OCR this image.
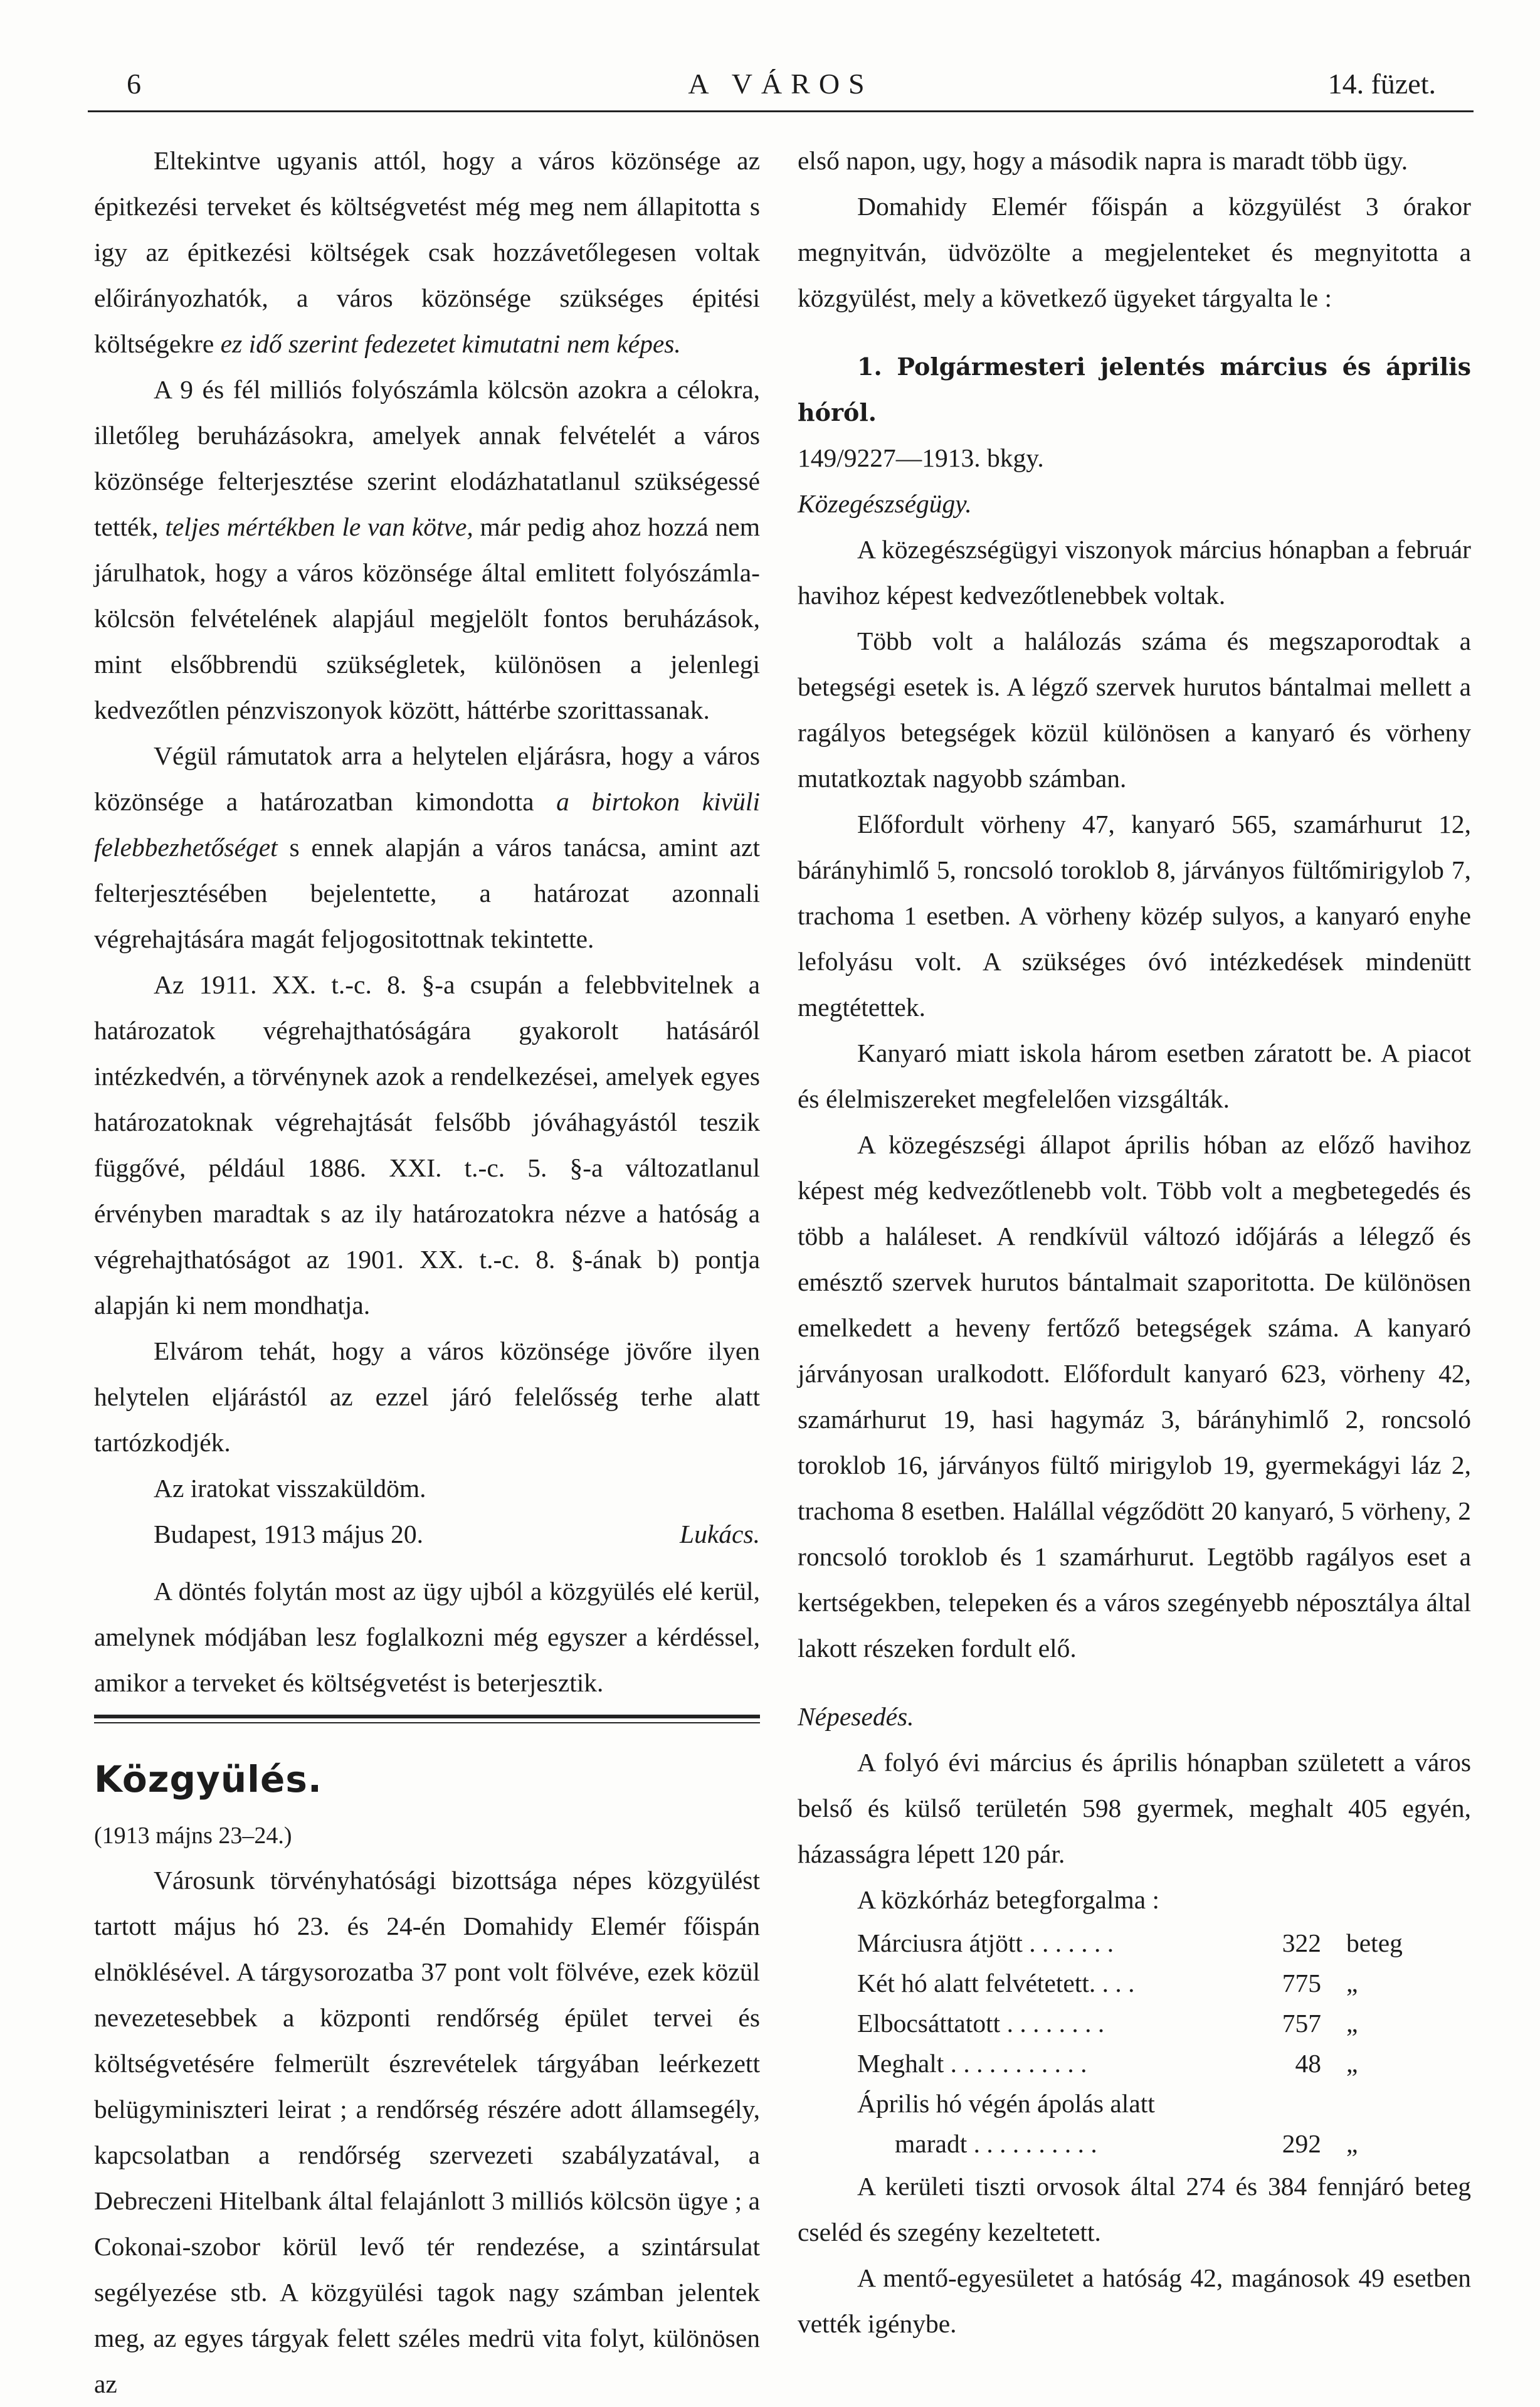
6	A VÁROS	14. füzet.

Eltekintve ugyanis attól, hogy a város közönsége az épitkezési terveket és költségvetést még meg nem állapitotta s igy az épitkezési költségek csak hozzávetőlegesen voltak előirányozhatók, a város közönsége szükséges épitési költségekre ez idő szerint fedezetet kimutatni nem képes.

A 9 és fél milliós folyószámla kölcsön azokra a célokra, illetőleg beruházásokra, amelyek annak felvételét a város közönsége felterjesztése szerint elodázhatatlanul szükségessé tették, teljes mértékben le van kötve, már pedig ahoz hozzá nem járulhatok, hogy a város közönsége által emlitett folyószámla-kölcsön felvételének alapjául megjelölt fontos beruházások, mint elsőbbrendü szükségletek, különösen a jelenlegi kedvezőtlen pénzviszonyok között, háttérbe szorittassanak.

Végül rámutatok arra a helytelen eljárásra, hogy a város közönsége a határozatban kimondotta a birtokon kivüli felebbezhetőséget s ennek alapján a város tanácsa, amint azt felterjesztésében bejelentette, a határozat azonnali végrehajtására magát feljogositottnak tekintette.

Az 1911. XX. t.-c. 8. §-a csupán a felebbvitelnek a határozatok végrehajthatóságára gyakorolt hatásáról intézkedvén, a törvénynek azok a rendelkezései, amelyek egyes határozatoknak végrehajtását felsőbb jóváhagyástól teszik függővé, például 1886. XXI. t.-c. 5. §-a változatlanul érvényben maradtak s az ily határozatokra nézve a hatóság a végrehajthatóságot az 1901. XX. t.-c. 8. §-ának b) pontja alapján ki nem mondhatja.

Elvárom tehát, hogy a város közönsége jövőre ilyen helytelen eljárástól az ezzel járó felelősség terhe alatt tartózkodjék.

Az iratokat visszaküldöm.

Budapest, 1913 május 20.	Lukács.

A döntés folytán most az ügy ujból a közgyülés elé kerül, amelynek módjában lesz foglalkozni még egyszer a kérdéssel, amikor a terveket és költségvetést is beterjesztik.

Közgyülés.

(1913 májns 23–24.)

Városunk törvényhatósági bizottsága népes közgyülést tartott május hó 23. és 24-én Domahidy Elemér főispán elnöklésével. A tárgysorozatba 37 pont volt fölvéve, ezek közül nevezetesebbek a központi rendőrség épület tervei és költségvetésére felmerült észrevételek tárgyában leérkezett belügyminiszteri leirat ; a rendőrség részére adott államsegély, kapcsolatban a rendőrség szervezeti szabályzatával, a Debreczeni Hitelbank által felajánlott 3 milliós kölcsön ügye ; a Cokonai-szobor körül levő tér rendezése, a szintársulat segélyezése stb. A közgyülési tagok nagy számban jelentek meg, az egyes tárgyak felett széles medrü vita folyt, különösen az

első napon, ugy, hogy a második napra is maradt több ügy.

Domahidy Elemér főispán a közgyülést 3 órakor megnyitván, üdvözölte a megjelenteket és megnyitotta a közgyülést, mely a következő ügyeket tárgyalta le :

1. Polgármesteri jelentés március és április hóról.

149/9227—1913. bkgy.

Közegészségügy.

A közegészségügyi viszonyok március hónapban a február havihoz képest kedvezőtlenebbek voltak.

Több volt a halálozás száma és megszaporodtak a betegségi esetek is. A légző szervek hurutos bántalmai mellett a ragályos betegségek közül különösen a kanyaró és vörheny mutatkoztak nagyobb számban.

Előfordult vörheny 47, kanyaró 565, szamárhurut 12, bárányhimlő 5, roncsoló toroklob 8, járványos fültőmirigylob 7, trachoma 1 esetben. A vörheny közép sulyos, a kanyaró enyhe lefolyásu volt. A szükséges óvó intézkedések mindenütt megtétettek.

Kanyaró miatt iskola három esetben záratott be. A piacot és élelmiszereket megfelelően vizsgálták.

A közegészségi állapot április hóban az előző havihoz képest még kedvezőtlenebb volt. Több volt a megbetegedés és több a haláleset. A rendkívül változó időjárás a lélegző és emésztő szervek hurutos bántalmait szaporitotta. De különösen emelkedett a heveny fertőző betegségek száma. A kanyaró járványosan uralkodott. Előfordult kanyaró 623, vörheny 42, szamárhurut 19, hasi hagymáz 3, bárányhimlő 2, roncsoló toroklob 16, járványos fültő mirigylob 19, gyermekágyi láz 2, trachoma 8 esetben. Halállal végződött 20 kanyaró, 5 vörheny, 2 roncsoló toroklob és 1 szamárhurut. Legtöbb ragályos eset a kertségekben, telepeken és a város szegényebb néposztálya által lakott részeken fordult elő.

Népesedés.

A folyó évi március és április hónapban született a város belső és külső területén 598 gyermek, meghalt 405 egyén, házasságra lépett 120 pár.

A közkórház betegforgalma :

Márciusra átjött . . . . . . .	322 beteg
Két hó alatt felvétetett. . . .	775 „
Elbocsáttatott . . . . . . . .	757 „
Meghalt . . . . . . . . . . .	48 „
Április hó végén ápolás alatt
maradt . . . . . . . . . .	292 „

A kerületi tiszti orvosok által 274 és 384 fennjáró beteg cseléd és szegény kezeltetett.

A mentő-egyesületet a hatóság 42, magánosok 49 esetben vették igénybe.
